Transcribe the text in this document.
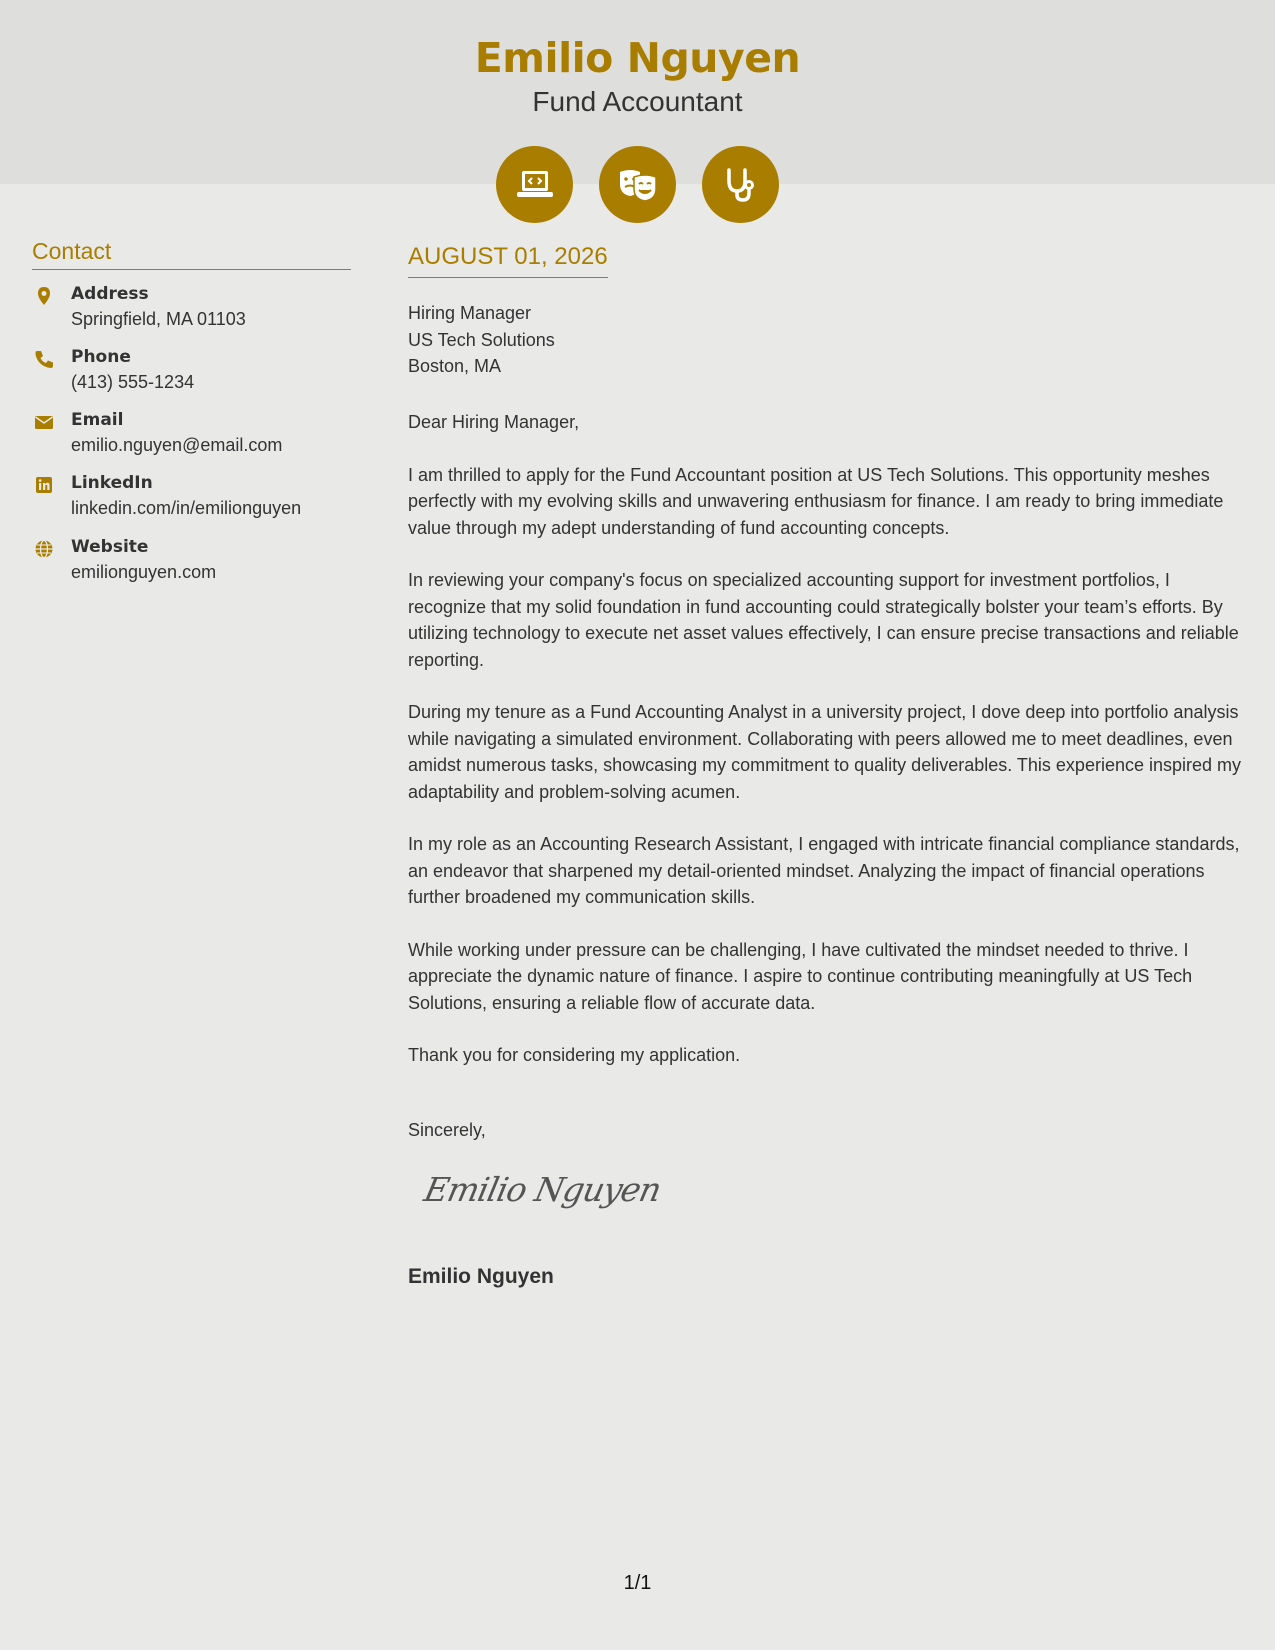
Emilio Nguyen
Fund Accountant
Contact
Address
Springfield, MA 01103
Phone
(413) 555-1234
Email
emilio.nguyen@email.com
LinkedIn
linkedin.com/in/emilionguyen
Website
emilionguyen.com
AUGUST 01, 2026
Hiring Manager
US Tech Solutions
Boston, MA

Dear Hiring Manager,

I am thrilled to apply for the Fund Accountant position at US Tech Solutions. This opportunity meshes perfectly with my evolving skills and unwavering enthusiasm for finance. I am ready to bring immediate value through my adept understanding of fund accounting concepts.

In reviewing your company's focus on specialized accounting support for investment portfolios, I recognize that my solid foundation in fund accounting could strategically bolster your team’s efforts. By utilizing technology to execute net asset values effectively, I can ensure precise transactions and reliable reporting.

During my tenure as a Fund Accounting Analyst in a university project, I dove deep into portfolio analysis while navigating a simulated environment. Collaborating with peers allowed me to meet deadlines, even amidst numerous tasks, showcasing my commitment to quality deliverables. This experience inspired my adaptability and problem-solving acumen.

In my role as an Accounting Research Assistant, I engaged with intricate financial compliance standards, an endeavor that sharpened my detail-oriented mindset. Analyzing the impact of financial operations further broadened my communication skills.

While working under pressure can be challenging, I have cultivated the mindset needed to thrive. I appreciate the dynamic nature of finance. I aspire to continue contributing meaningfully at US Tech Solutions, ensuring a reliable flow of accurate data.

Thank you for considering my application.

Sincerely,
Emilio Nguyen
Emilio Nguyen
1/1
